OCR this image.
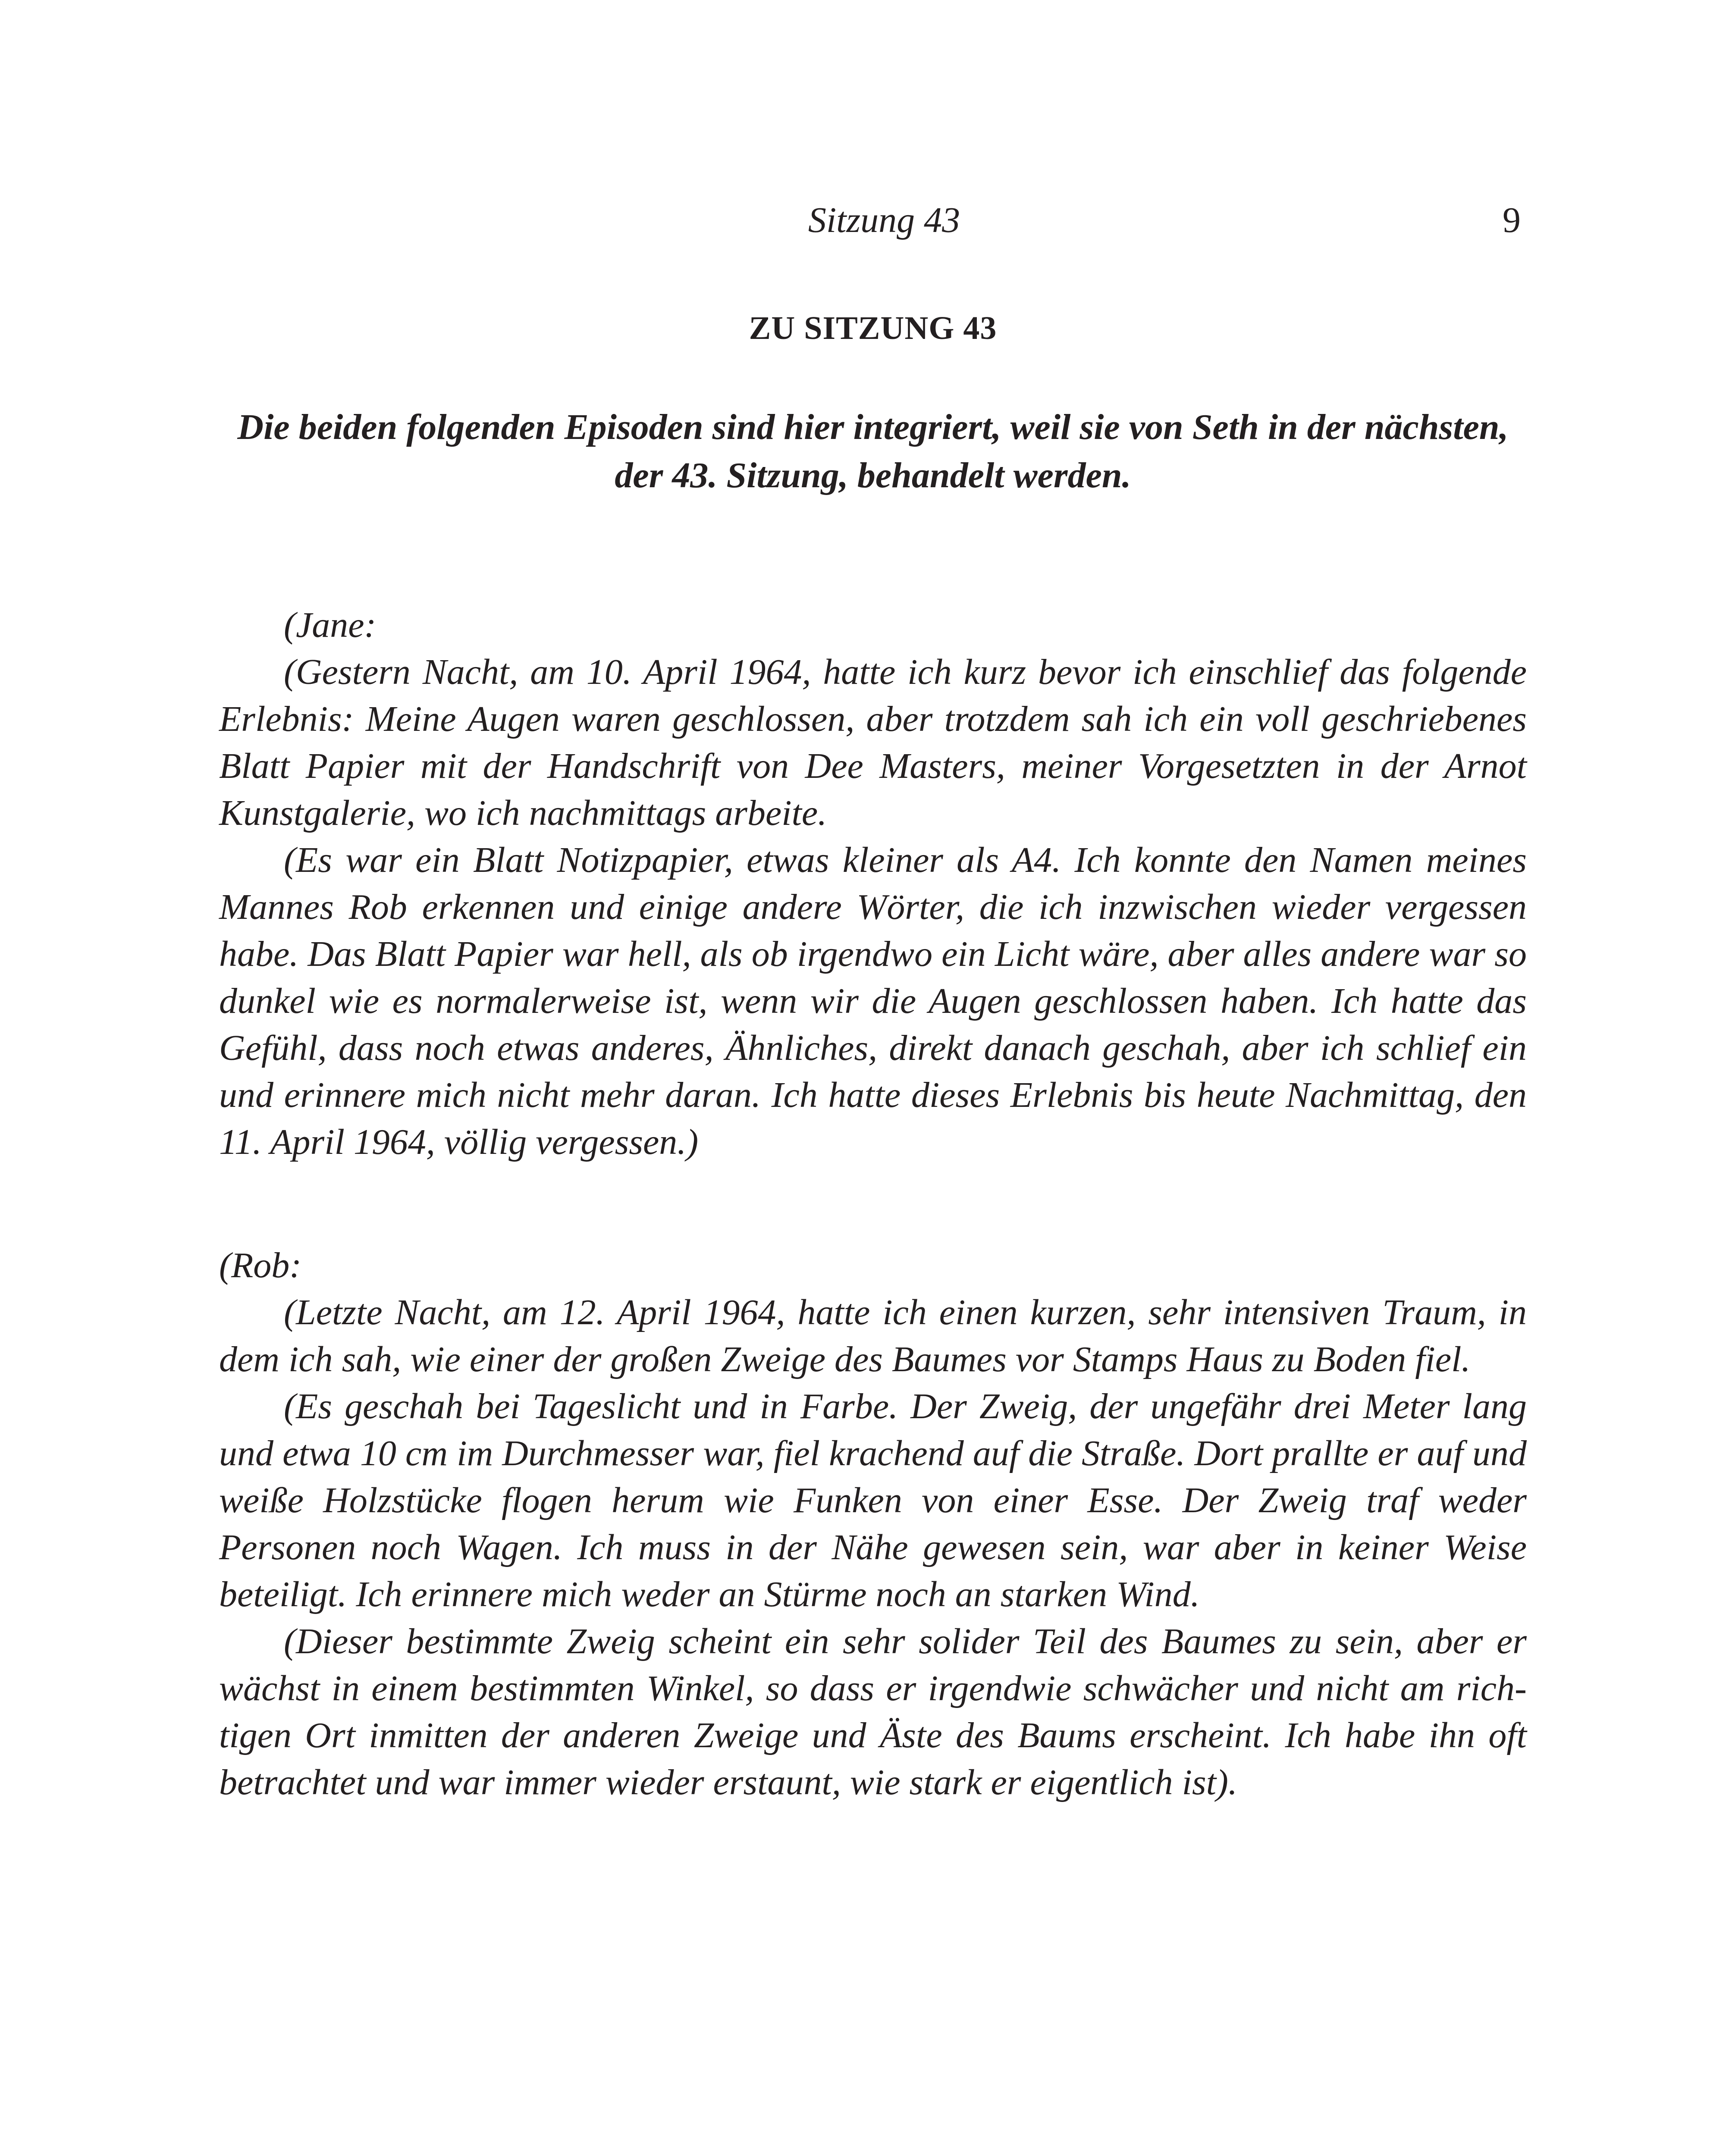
Sitzung 43	9
ZU SITZUNG 43
Die beiden folgenden Episoden sind hier integriert, weil sie von Seth in der nächsten,
der 43. Sitzung, behandelt werden.

(Jane:

(Gestern Nacht, am 10. April 1964, hatte ich kurz bevor ich einschlief das folgende Erlebnis: Meine Augen waren geschlossen, aber trotzdem sah ich ein voll geschriebenes Blatt Papier mit der Handschrift von Dee Masters, meiner Vorgesetzten in der Arnot Kunstgalerie, wo ich nachmittags arbeite.

(Es war ein Blatt Notizpapier, etwas kleiner als A4. Ich konnte den Namen meines Mannes Rob erkennen und einige andere Wörter, die ich inzwischen wieder vergessen habe. Das Blatt Papier war hell, als ob irgendwo ein Licht wäre, aber alles andere war so dunkel wie es normalerweise ist, wenn wir die Augen geschlossen haben. Ich hatte das Gefühl, dass noch etwas anderes, Ähnliches, direkt danach geschah, aber ich schlief ein und erinnere mich nicht mehr daran. Ich hatte dieses Erlebnis bis heute Nachmittag, den 11. April 1964, völlig vergessen.)

(Rob:

(Letzte Nacht, am 12. April 1964, hatte ich einen kurzen, sehr intensiven Traum, in dem ich sah, wie einer der großen Zweige des Baumes vor Stamps Haus zu Boden fiel.

(Es geschah bei Tageslicht und in Farbe. Der Zweig, der ungefähr drei Meter lang und etwa 10 cm im Durchmesser war, fiel krachend auf die Straße. Dort prallte er auf und weiße Holzstücke flogen herum wie Funken von einer Esse. Der Zweig traf weder Personen noch Wagen. Ich muss in der Nähe gewesen sein, war aber in keiner Weise beteiligt. Ich erinnere mich weder an Stürme noch an starken Wind.

(Dieser bestimmte Zweig scheint ein sehr solider Teil des Baumes zu sein, aber er wächst in einem bestimmten Winkel, so dass er irgendwie schwächer und nicht am richtigen Ort inmitten der anderen Zweige und Äste des Baums erscheint. Ich habe ihn oft betrachtet und war immer wieder erstaunt, wie stark er eigentlich ist).
